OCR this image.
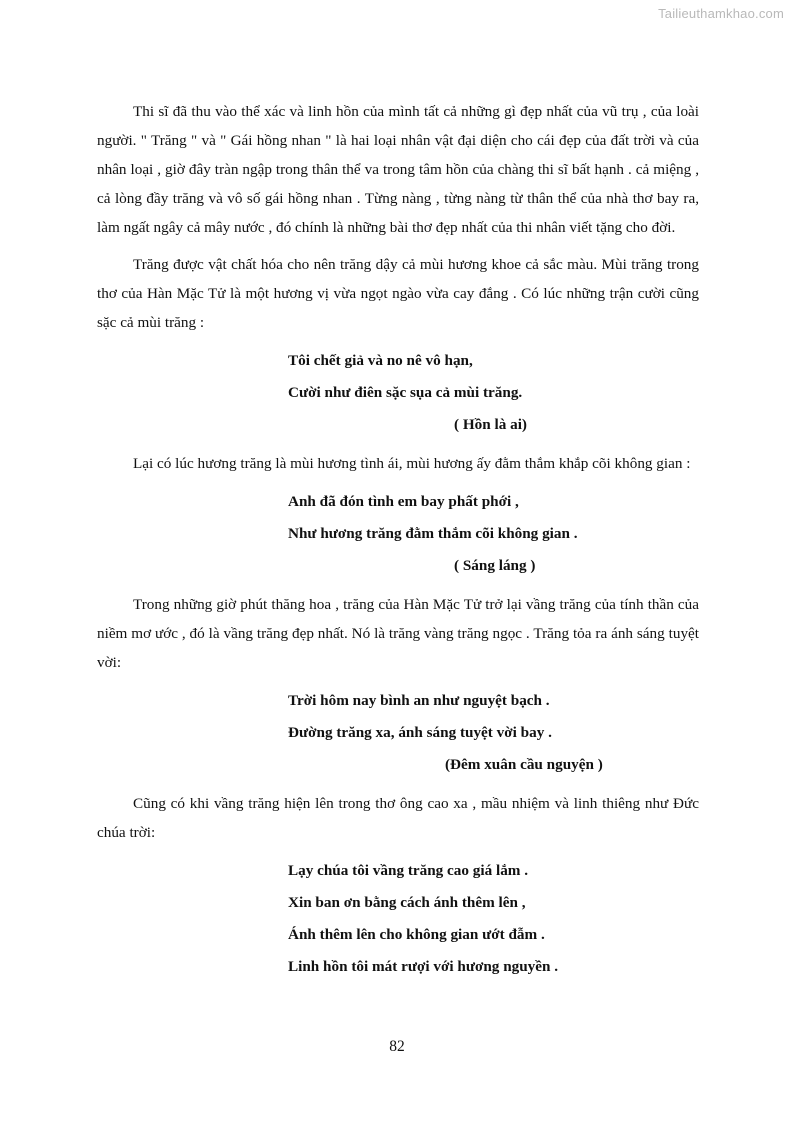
Tailieuthamkhao.com

Thi sĩ đã thu vào thể xác và linh hồn của mình tất cả những gì đẹp nhất của vũ trụ , của loài người. " Trăng " và " Gái hồng nhan " là hai loại nhân vật đại diện cho cái đẹp của đất trời và của nhân loại , giờ đây tràn ngập trong thân thể va trong tâm hồn của chàng thi sĩ bất hạnh . cả miệng , cả lòng đầy trăng và vô số gái hồng nhan . Từng nàng , từng nàng từ thân thể của nhà thơ bay ra, làm ngất ngây cả mây nước , đó chính là những bài thơ đẹp nhất của thi nhân viết tặng cho đời.

Trăng được vật chất hóa cho nên trăng dậy cả mùi hương khoe cả sắc màu. Mùi trăng trong thơ của Hàn Mặc Tử là một hương vị vừa ngọt ngào vừa cay đắng . Có lúc những trận cười cũng sặc cả mùi trăng :

Tôi chết giả và no nê vô hạn,
Cười như điên sặc sụa cả mùi trăng.
( Hồn là ai)

Lại có lúc hương trăng là mùi hương tình ái, mùi hương ấy đằm thắm khắp cõi không gian :

Anh đã đón tình em bay phất phới ,
Như hương trăng đằm thắm cõi không gian .
( Sáng láng )

Trong những giờ phút thăng hoa , trăng của Hàn Mặc Tử trở lại vầng trăng của tính thần của niềm mơ ước , đó là vầng trăng đẹp nhất. Nó là trăng vàng trăng ngọc . Trăng tỏa ra ánh sáng tuyệt vời:

Trời hôm nay bình an như nguyệt bạch .
Đường trăng xa, ánh sáng tuyệt vời bay .
(Đêm xuân cầu nguyện )

Cũng có khi vầng trăng hiện lên trong thơ ông cao xa , mầu nhiệm và linh thiêng như Đức chúa trời:

Lạy chúa tôi vầng trăng cao giá lắm .
Xin ban ơn bằng cách ánh thêm lên ,
Ánh thêm lên cho không gian ướt đẫm .
Linh hồn tôi mát rượi với hương nguyền .
82
